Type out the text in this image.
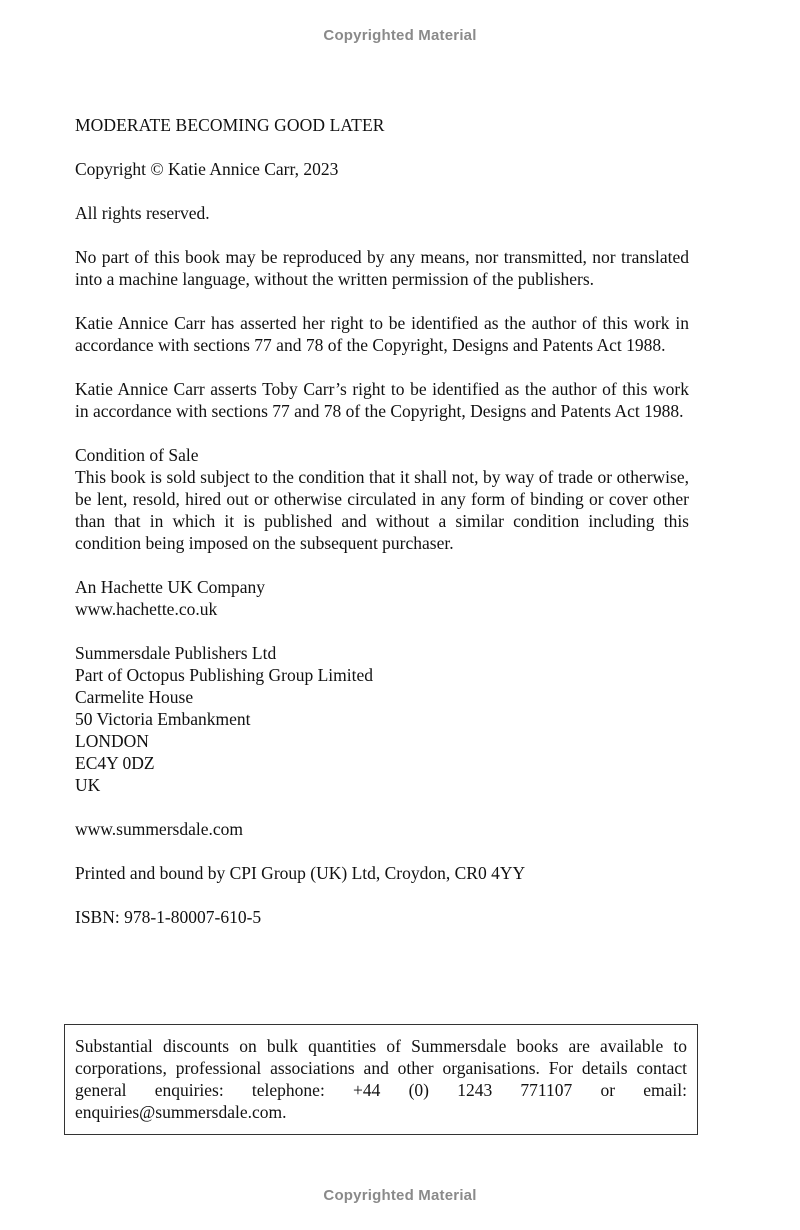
Copyrighted Material

MODERATE BECOMING GOOD LATER

Copyright © Katie Annice Carr, 2023

All rights reserved.

No part of this book may be reproduced by any means, nor transmitted, nor translated into a machine language, without the written permission of the publishers.

Katie Annice Carr has asserted her right to be identified as the author of this work in accordance with sections 77 and 78 of the Copyright, Designs and Patents Act 1988.

Katie Annice Carr asserts Toby Carr’s right to be identified as the author of this work in accordance with sections 77 and 78 of the Copyright, Designs and Patents Act 1988.

Condition of Sale
This book is sold subject to the condition that it shall not, by way of trade or otherwise, be lent, resold, hired out or otherwise circulated in any form of binding or cover other than that in which it is published and without a similar condition including this condition being imposed on the subsequent purchaser.

An Hachette UK Company
www.hachette.co.uk

Summersdale Publishers Ltd
Part of Octopus Publishing Group Limited
Carmelite House
50 Victoria Embankment
LONDON
EC4Y 0DZ
UK

www.summersdale.com

Printed and bound by CPI Group (UK) Ltd, Croydon, CR0 4YY

ISBN: 978-1-80007-610-5

Substantial discounts on bulk quantities of Summersdale books are available to corporations, professional associations and other organisations. For details contact general enquiries: telephone: +44 (0) 1243 771107 or email: enquiries@summersdale.com.
Copyrighted Material
